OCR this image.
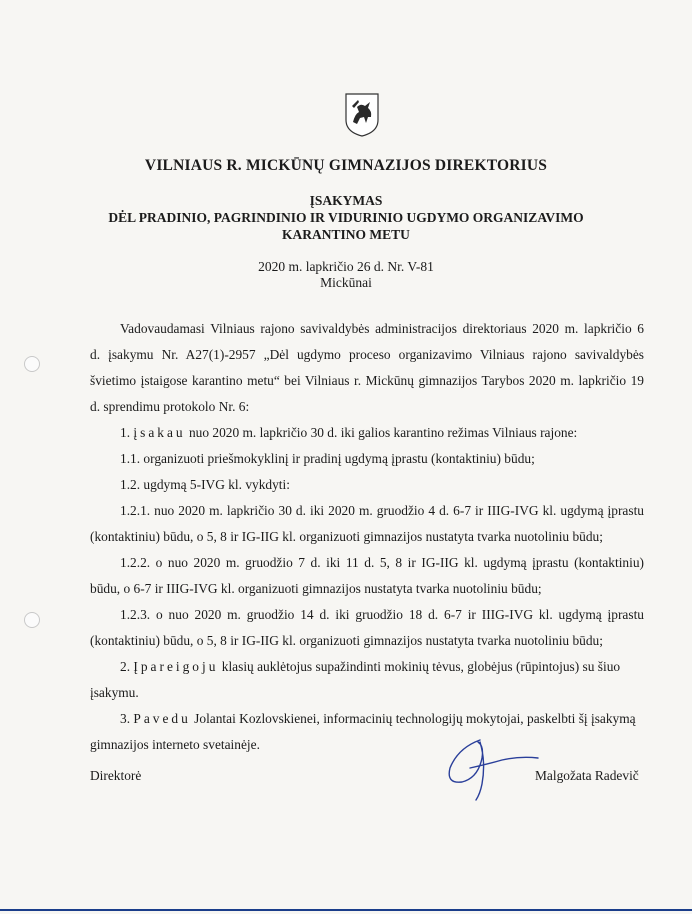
VILNIAUS R. MICKŪNŲ GIMNAZIJOS DIREKTORIUS
ĮSAKYMAS
DĖL PRADINIO, PAGRINDINIO IR VIDURINIO UGDYMO ORGANIZAVIMO
KARANTINO METU
2020 m. lapkričio 26 d. Nr. V-81
Mickūnai
Vadovaudamasi Vilniaus rajono savivaldybės administracijos direktoriaus 2020 m. lapkričio 6
d. įsakymu Nr. A27(1)-2957 „Dėl ugdymo proceso organizavimo Vilniaus rajono savivaldybės
švietimo įstaigose karantino metu“ bei Vilniaus r. Mickūnų gimnazijos Tarybos 2020 m. lapkričio 19
d. sprendimu protokolo Nr. 6:
1. įsakau nuo 2020 m. lapkričio 30 d. iki galios karantino režimas Vilniaus rajone:
1.1. organizuoti priešmokyklinį ir pradinį ugdymą įprastu (kontaktiniu) būdu;
1.2. ugdymą 5-IVG kl. vykdyti:
1.2.1. nuo 2020 m. lapkričio 30 d. iki 2020 m. gruodžio 4 d. 6-7 ir IIIG-IVG kl. ugdymą įprastu
(kontaktiniu) būdu, o 5, 8 ir IG-IIG kl. organizuoti gimnazijos nustatyta tvarka nuotoliniu būdu;
1.2.2. o nuo 2020 m. gruodžio 7 d. iki 11 d. 5, 8 ir IG-IIG kl. ugdymą įprastu (kontaktiniu)
būdu, o 6-7 ir IIIG-IVG kl. organizuoti gimnazijos nustatyta tvarka nuotoliniu būdu;
1.2.3. o nuo 2020 m. gruodžio 14 d. iki gruodžio 18 d. 6-7 ir IIIG-IVG kl. ugdymą įprastu
(kontaktiniu) būdu, o 5, 8 ir IG-IIG kl. organizuoti gimnazijos nustatyta tvarka nuotoliniu būdu;
2. Įpareigoju klasių auklėtojus supažindinti mokinių tėvus, globėjus (rūpintojus) su šiuo
įsakymu.
3. Pavedu Jolantai Kozlovskienei, informacinių technologijų mokytojai, paskelbti šį įsakymą
gimnazijos interneto svetainėje.
Direktorė	Malgožata Radevič
